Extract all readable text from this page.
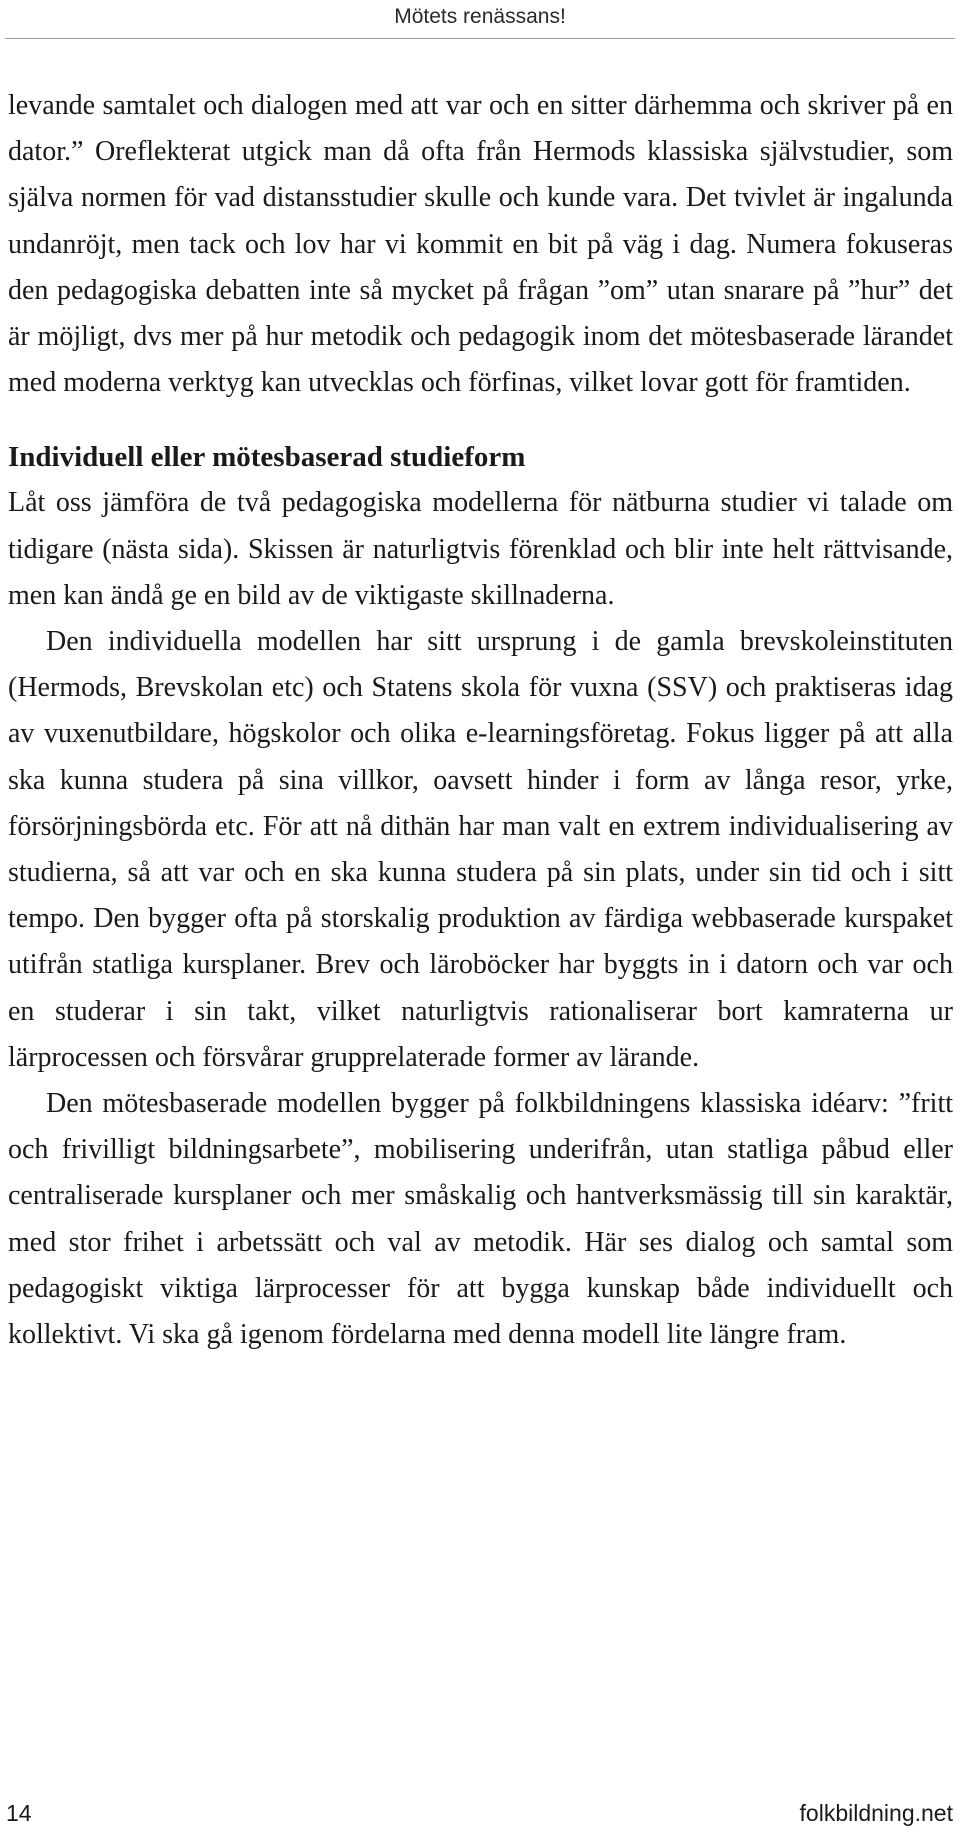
Mötets renässans!

levande samtalet och dialogen med att var och en sitter därhemma och skriver på en dator.” Oreflekterat utgick man då ofta från Hermods klassiska självstudier, som själva normen för vad distansstudier skulle och kunde vara. Det tvivlet är ingalunda undanröjt, men tack och lov har vi kommit en bit på väg i dag. Numera fokuseras den pedagogiska debatten inte så mycket på frågan ”om” utan snarare på ”hur” det är möjligt, dvs mer på hur metodik och pedagogik inom det mötesbaserade lärandet med moderna verktyg kan utvecklas och förfinas, vilket lovar gott för framtiden.

Individuell eller mötesbaserad studieform

Låt oss jämföra de två pedagogiska modellerna för nätburna studier vi talade om tidigare (nästa sida). Skissen är naturligtvis förenklad och blir inte helt rättvisande, men kan ändå ge en bild av de viktigaste skillnaderna.

Den individuella modellen har sitt ursprung i de gamla brevskoleinstituten (Hermods, Brevskolan etc) och Statens skola för vuxna (SSV) och praktiseras idag av vuxenutbildare, högskolor och olika e-learningsföretag. Fokus ligger på att alla ska kunna studera på sina villkor, oavsett hinder i form av långa resor, yrke, försörjningsbörda etc. För att nå dithän har man valt en extrem individualisering av studierna, så att var och en ska kunna studera på sin plats, under sin tid och i sitt tempo. Den bygger ofta på storskalig produktion av färdiga webbaserade kurspaket utifrån statliga kursplaner. Brev och läroböcker har byggts in i datorn och var och en studerar i sin takt, vilket naturligtvis rationaliserar bort kamraterna ur lärprocessen och försvårar grupprelaterade former av lärande.

Den mötesbaserade modellen bygger på folkbildningens klassiska idéarv: ”fritt och frivilligt bildningsarbete”, mobilisering underifrån, utan statliga påbud eller centraliserade kursplaner och mer småskalig och hantverksmässig till sin karaktär, med stor frihet i arbetssätt och val av metodik. Här ses dialog och samtal som pedagogiskt viktiga lärprocesser för att bygga kunskap både individuellt och kollektivt. Vi ska gå igenom fördelarna med denna modell lite längre fram.

14	folkbildning.net
